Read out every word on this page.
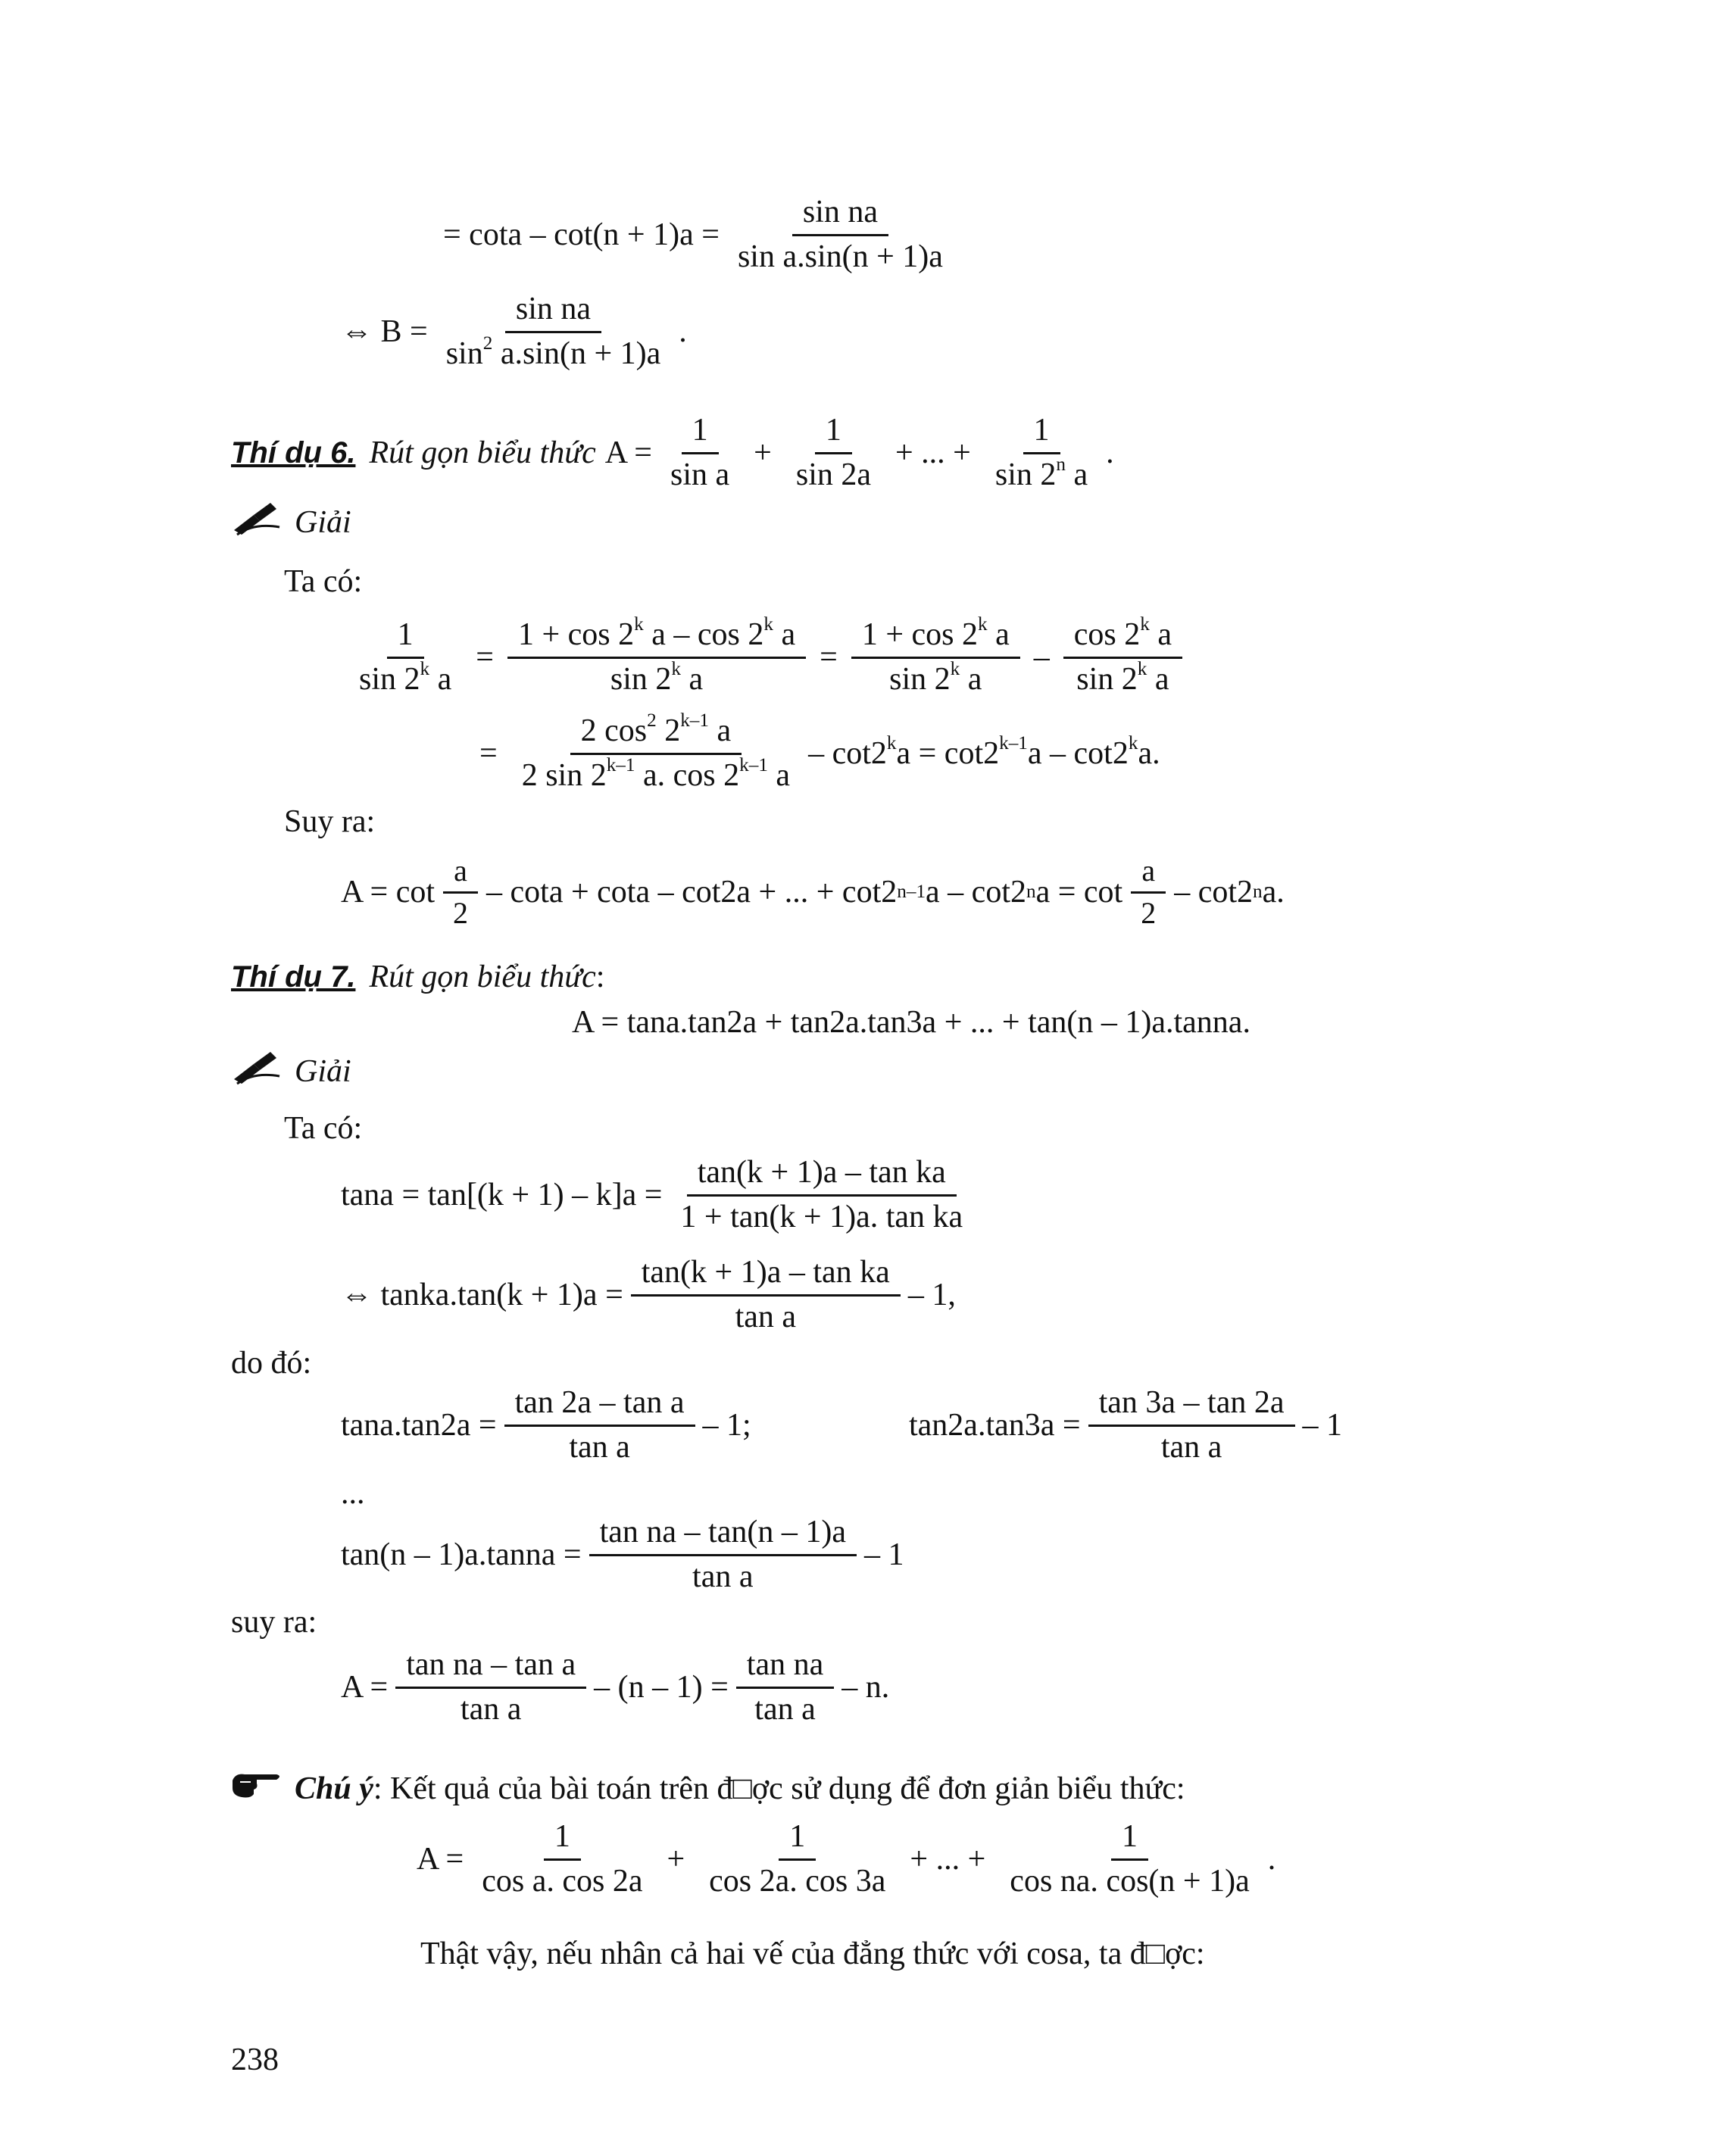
= $\cot a - \cot(n + 1)a = \frac{\text{sin na}}{\text{sin a.sin(n + 1)a}}$
⇔ $B = \frac{\text{sin na}}{\sin^2 a.\sin(n + 1)a}$ .
Thí dụ 6. Rút gọn biểu thức $A = \frac{1}{\text{sin a}} + \frac{1}{\sin 2a}$ + ... + $\frac{1}{\sin 2^n a}$ .
Giải
Ta có:
$\frac{1}{\sin 2^k a} = \frac{1 + \cos 2^k a - \cos 2^k a}{\sin 2^k a} = \frac{1 + \cos 2^k a}{\sin 2^k a} - \frac{\cos 2^k a}{\sin 2^k a}$
= $\frac{2 \cos^2 2^{k-1} a}{2 \sin 2^{k-1} a. \cos 2^{k-1} a} - \cot 2^ka = \cot 2^{k-1}a - \cot 2^ka$.
Suy ra:
$A = \cot \frac{a}{2} - \cot a + \cot a - \cot 2a$ + ... + cot2 n–1 a – cot2 n $a = \cot \frac{a}{2} - \cot 2$ n a.
Thí dụ 7. Rút gọn biểu thức :
A = tana.tan2a + tan2a.tan3a + ... + tan(n – 1)a.tanna.
Giải
Ta có:
$\tan a = \tan[(k + 1) - k]a = \frac{\text{tan(k + 1)a – tan ka}}{\text{1 + tan(k + 1)a. tan ka}}$
⇔ tanka.tan(k + $1)a = \frac{\text{tan(k + 1)a – tan ka}}{\text{tan a}} - 1$,
do đó:
$\tan a.\tan 2a = \frac{\text{tan 2a – tan a}}{\text{tan a}} - 1$;	$\tan 2a.\tan 3a = \frac{\tan 3a - \tan 2a}{\text{tan a}} - 1$
...
tan(n – 1)a.tanna = $\frac{\text{tan na – tan(n – 1)a}}{\text{tan a}} - 1$
suy ra:
$A = \frac{\text{tan na – tan a}}{\text{tan a}} - (n - 1) = \frac{\text{tan na}}{\text{tan a}} - n$.
Chú ý : Kết quả của bài toán trên đ□ợc sử dụng để đơn giản biểu thức:
$A = \frac{1}{\text{cos a. cos 2a}} + \frac{1}{\cos 2a. \cos 3a}$ + ... + $\frac{1}{\text{cos na. cos(n + 1)a}}$ .
Thật vậy, nếu nhân cả hai vế của đẳng thức với cosa, ta đ□ợc:
238
